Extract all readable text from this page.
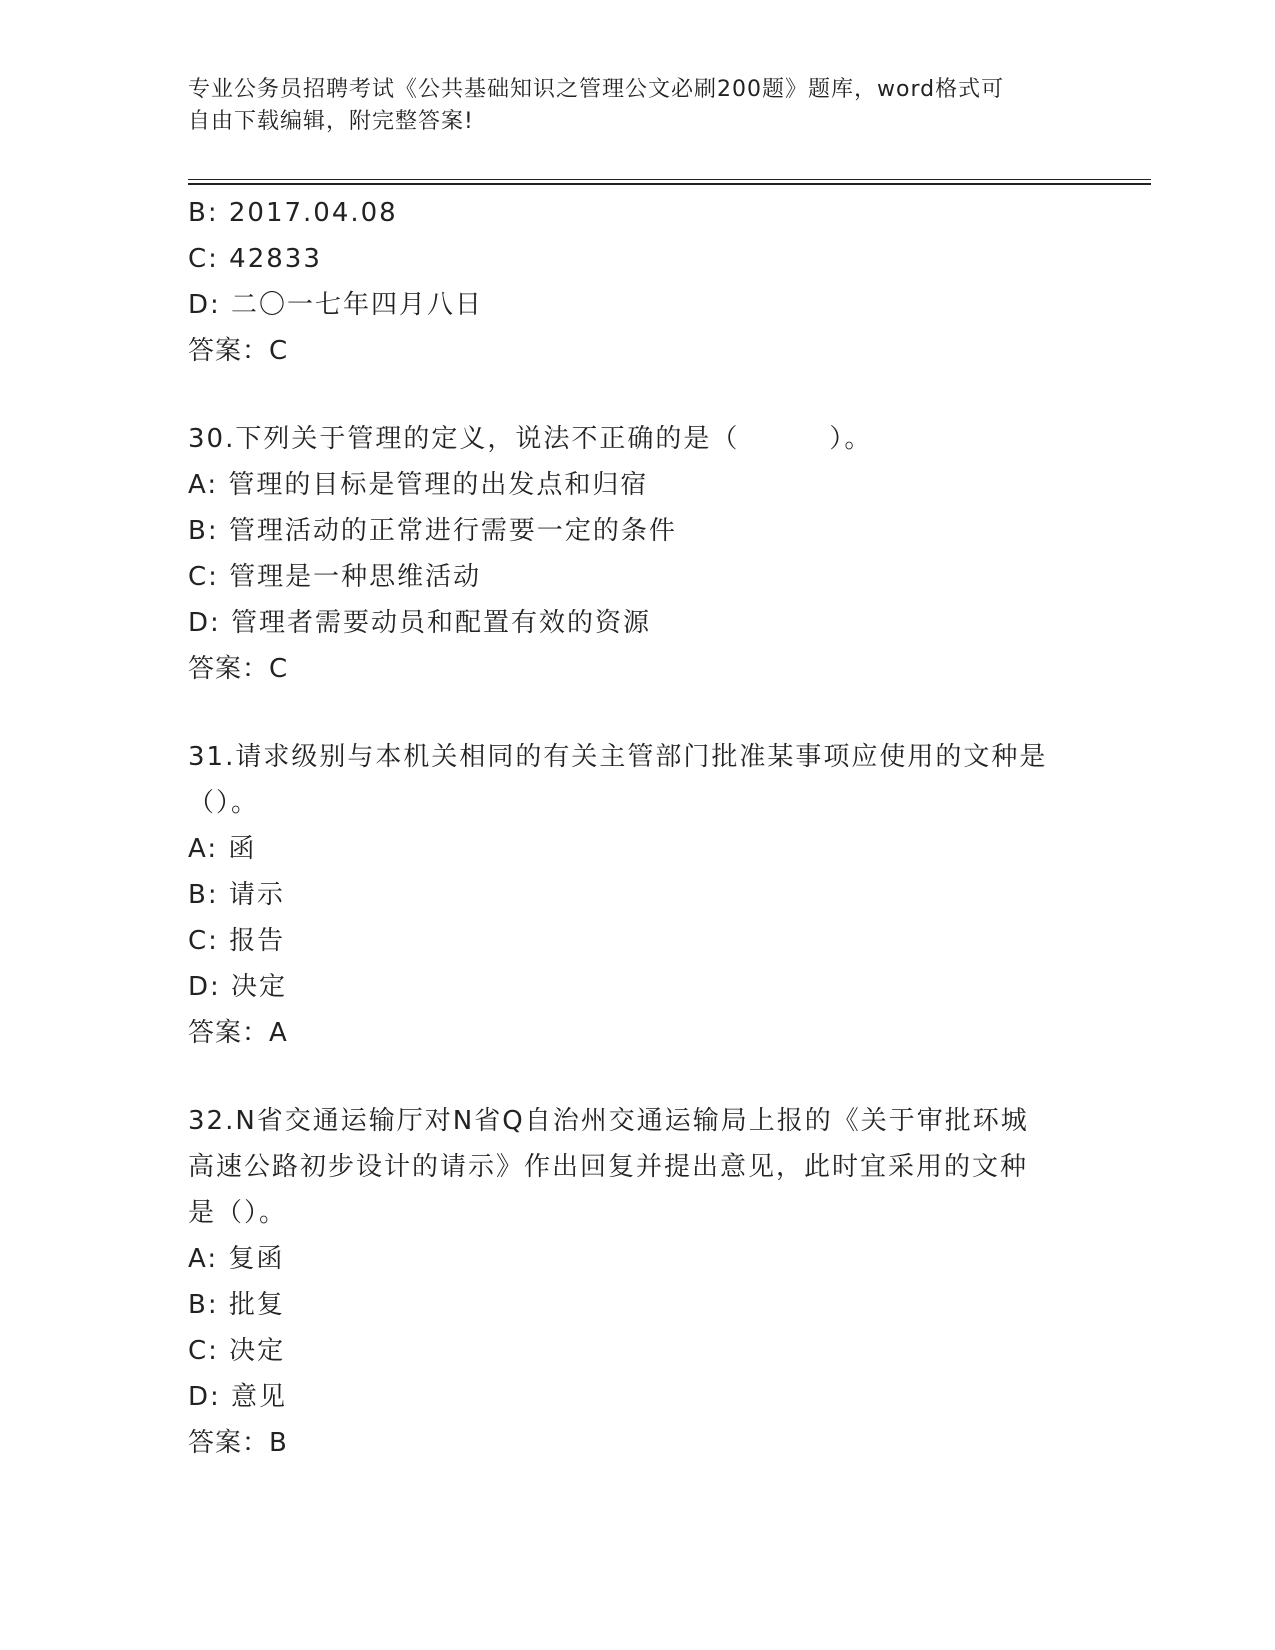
专业公务员招聘考试《公共基础知识之管理公文必刷200题》题库，word格式可
自由下载编辑，附完整答案!
B: 2017.04.08
C: 42833
D: 二〇一七年四月八日
答案：C
30.下列关于管理的定义，说法不正确的是（	）。
A: 管理的目标是管理的出发点和归宿
B: 管理活动的正常进行需要一定的条件
C: 管理是一种思维活动
D: 管理者需要动员和配置有效的资源
答案：C
31.请求级别与本机关相同的有关主管部门批准某事项应使用的文种是
（）。
A: 函
B: 请示
C: 报告
D: 决定
答案：A
32.N省交通运输厅对N省Q自治州交通运输局上报的《关于审批环城
高速公路初步设计的请示》作出回复并提出意见，此时宜采用的文种
是（）。
A: 复函
B: 批复
C: 决定
D: 意见
答案：B
